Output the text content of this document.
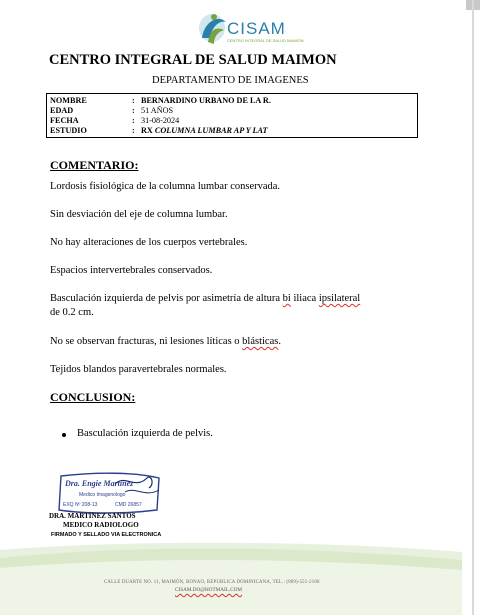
CISAM
CENTRO INTEGRAL DE SALUD MAIMÓN
CENTRO INTEGRAL DE SALUD MAIMON
DEPARTAMENTO DE IMAGENES
NOMBRE	: BERNARDINO URBANO DE LA R.
EDAD	: 51 AÑOS
FECHA	: 31-08-2024
ESTUDIO	: RX COLUMNA LUMBAR AP Y LAT
COMENTARIO:
Lordosis fisiológica de la columna lumbar conservada.
Sin desviación del eje de columna lumbar.
No hay alteraciones de los cuerpos vertebrales.
Espacios intervertebrales conservados.
Basculación izquierda de pelvis por asimetría de altura bi iliaca ipsilateral
de 0.2 cm.
No se observan fracturas, ni lesiones líticas o blásticas.
Tejidos blandos paravertebrales normales.
CONCLUSION:
Basculación izquierda de pelvis.
Dra. Engie Martinez
Medico Imagenologo
EXQ Nº 208-13	CMD 26857
DRA. MARTINEZ SANTOS
MEDICO RADIOLOGO
FIRMADO Y SELLADO VIA ELECTRONICA
CALLE DUARTE NO. 11, MAIMÓN, BONAO, REPUBLICA DOMINICANA, TEL.: (809)-551-2100
CISAM.DO@HOTMAIL.COM
